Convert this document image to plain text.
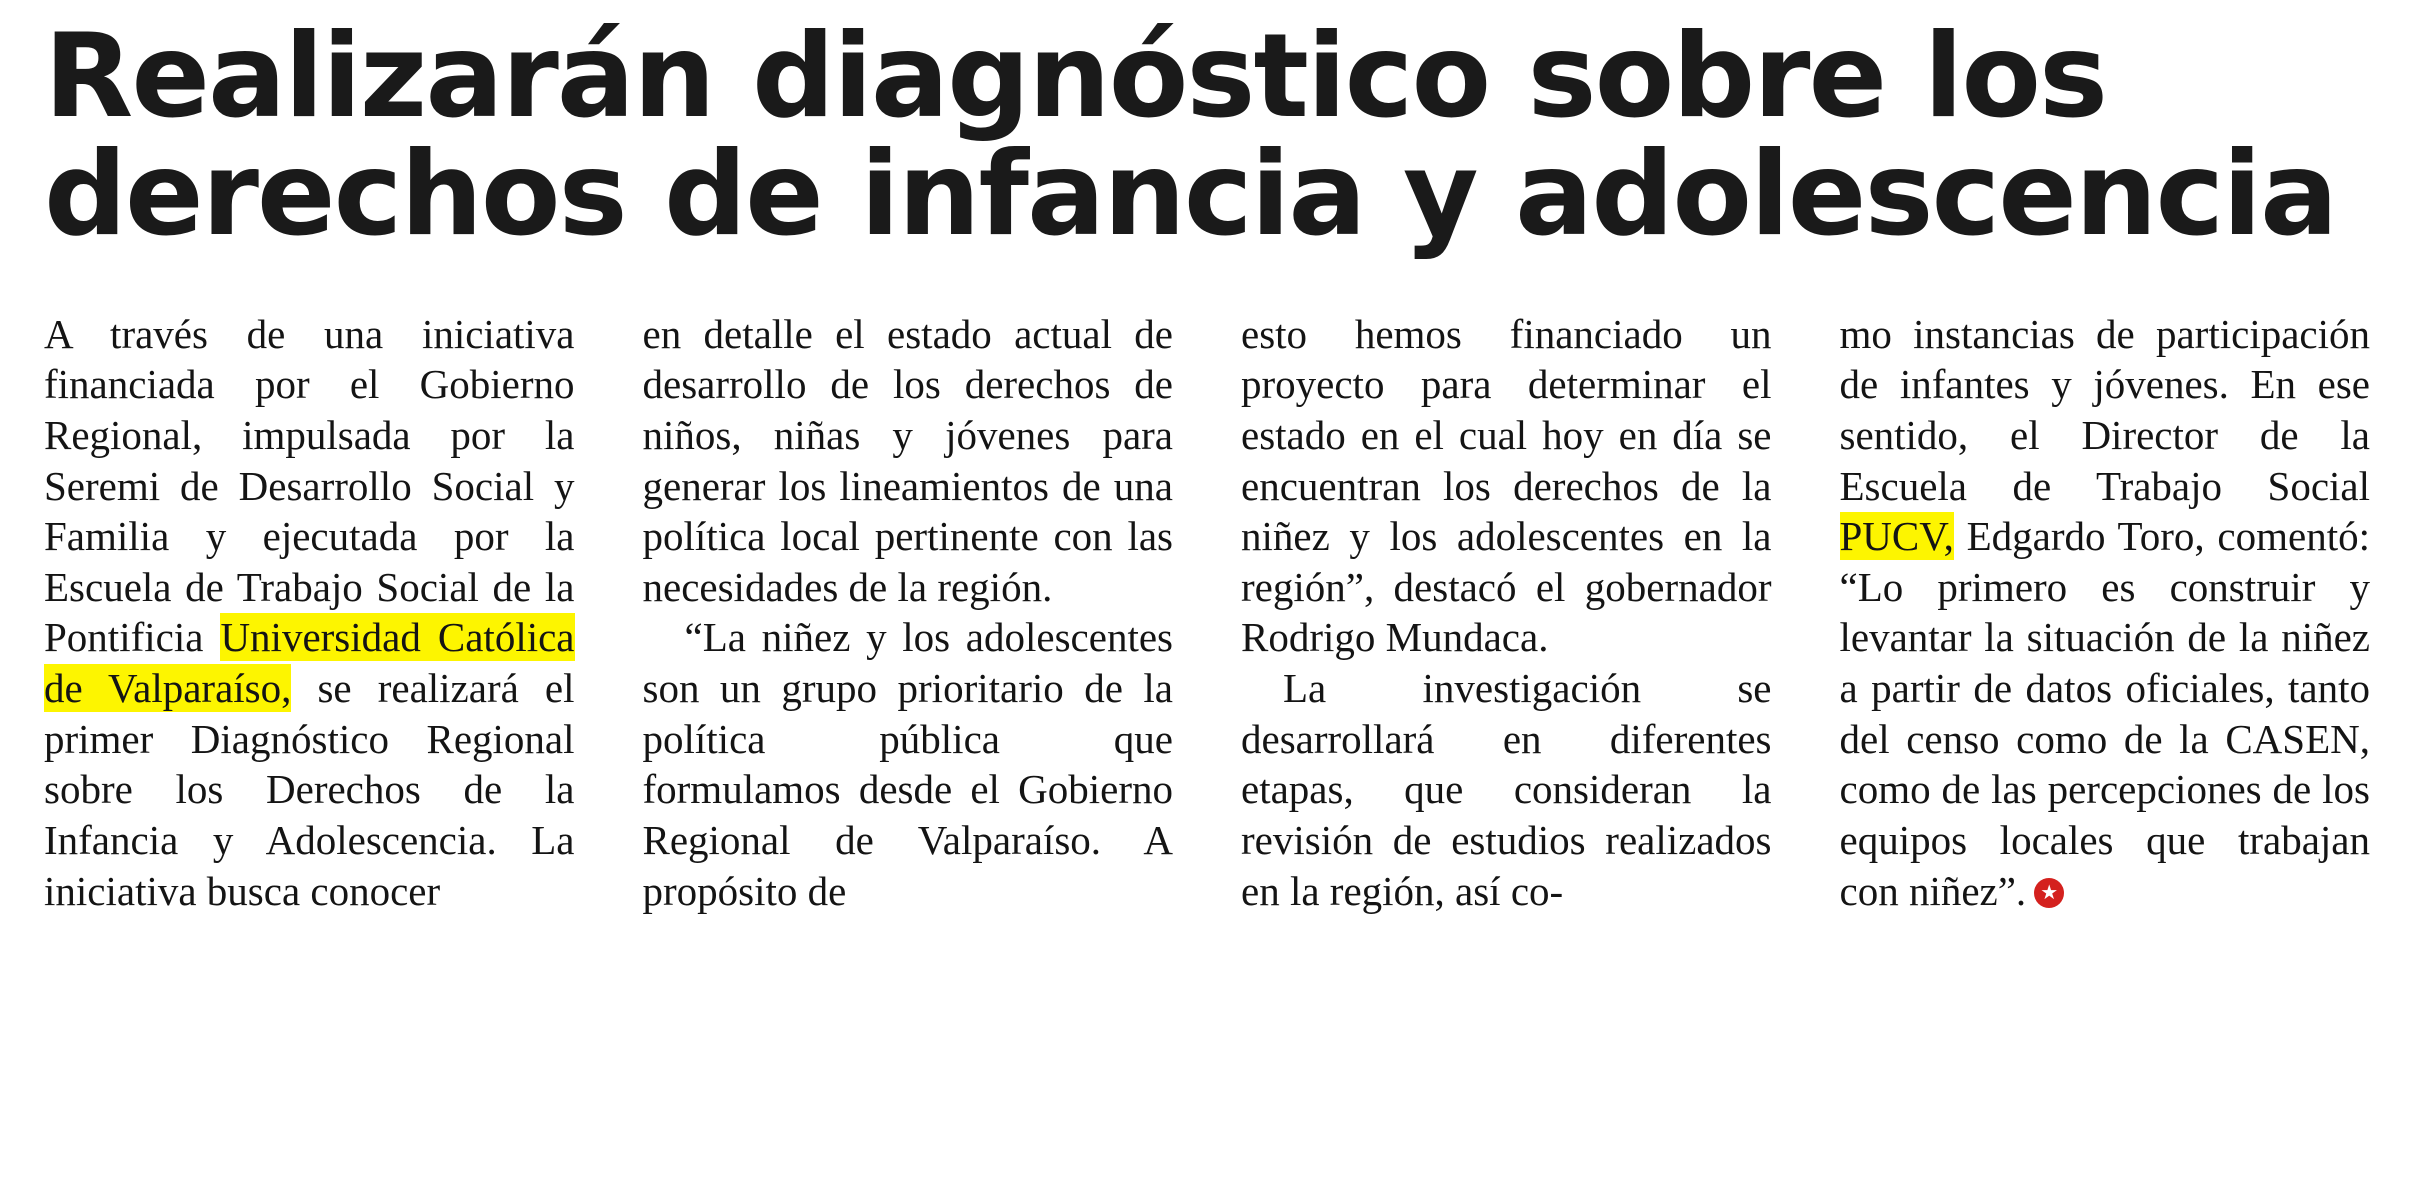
Realizarán diagnóstico sobre los
derechos de infancia y adolescencia

A través de una iniciativa financiada por el Gobierno Regional, impulsada por la Seremi de Desarrollo Social y Familia y ejecutada por la Escuela de Trabajo Social de la Pontificia Universidad Católica de Valparaíso, se realizará el primer Diagnóstico Regional sobre los Derechos de la Infancia y Adolescencia. La iniciativa busca conocer

en detalle el estado actual de desarrollo de los derechos de niños, niñas y jóvenes para generar los lineamientos de una política local pertinente con las necesidades de la región.

“La niñez y los adolescentes son un grupo prioritario de la política pública que formulamos desde el Gobierno Regional de Valparaíso. A propósito de

esto hemos financiado un proyecto para determinar el estado en el cual hoy en día se encuentran los derechos de la niñez y los adolescentes en la región”, destacó el gobernador Rodrigo Mundaca.

La investigación se desarrollará en diferentes etapas, que consideran la revisión de estudios realizados en la región, así co-

mo instancias de participación de infantes y jóvenes. En ese sentido, el Director de la Escuela de Trabajo Social PUCV, Edgardo Toro, comentó: “Lo primero es construir y levantar la situación de la niñez a partir de datos oficiales, tanto del censo como de la CASEN, como de las percepciones de los equipos locales que trabajan con niñez”.★
